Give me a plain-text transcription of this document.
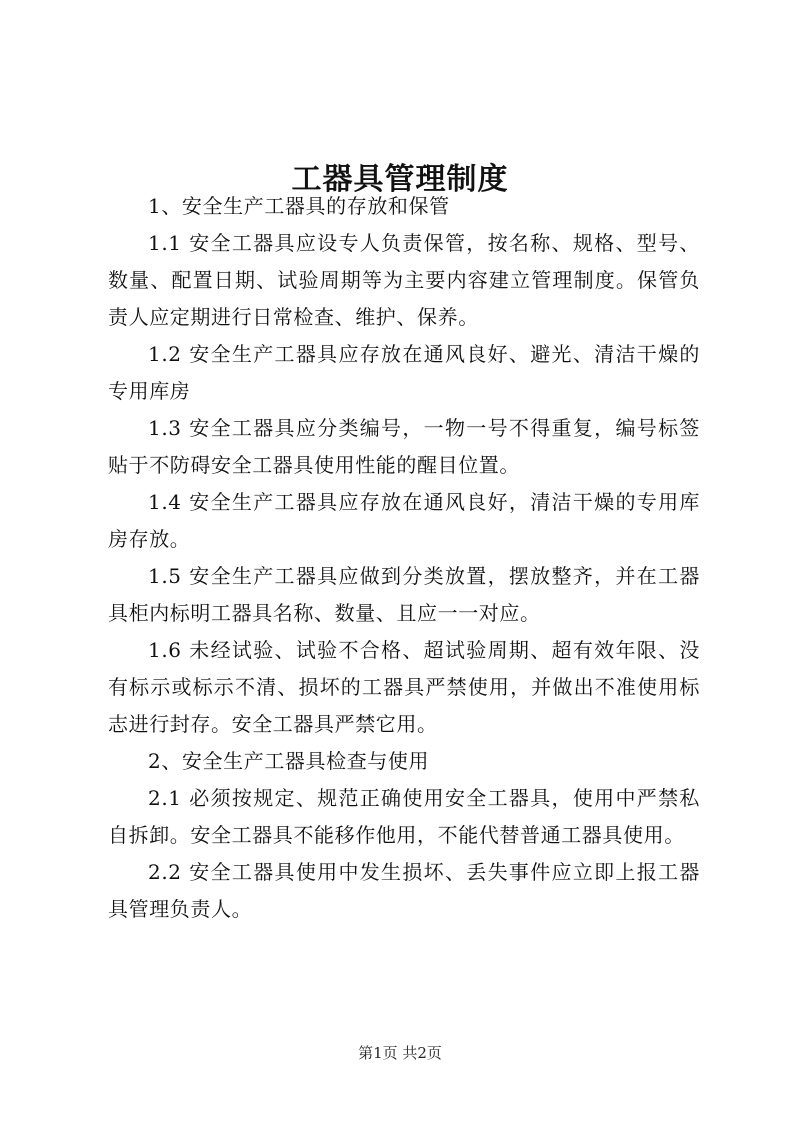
工器具管理制度

1、安全生产工器具的存放和保管

1.1 安全工器具应设专人负责保管，按名称、规格、型号、数量、配置日期、试验周期等为主要内容建立管理制度。保管负责人应定期进行日常检查、维护、保养。

1.2 安全生产工器具应存放在通风良好、避光、清洁干燥的专用库房

1.3 安全工器具应分类编号，一物一号不得重复，编号标签贴于不防碍安全工器具使用性能的醒目位置。

1.4 安全生产工器具应存放在通风良好，清洁干燥的专用库房存放。

1.5 安全生产工器具应做到分类放置，摆放整齐，并在工器具柜内标明工器具名称、数量、且应一一对应。

1.6 未经试验、试验不合格、超试验周期、超有效年限、没有标示或标示不清、损坏的工器具严禁使用，并做出不准使用标志进行封存。安全工器具严禁它用。

2、安全生产工器具检查与使用

2.1 必须按规定、规范正确使用安全工器具，使用中严禁私自拆卸。安全工器具不能移作他用，不能代替普通工器具使用。

2.2 安全工器具使用中发生损坏、丢失事件应立即上报工器具管理负责人。

第1页 共2页
